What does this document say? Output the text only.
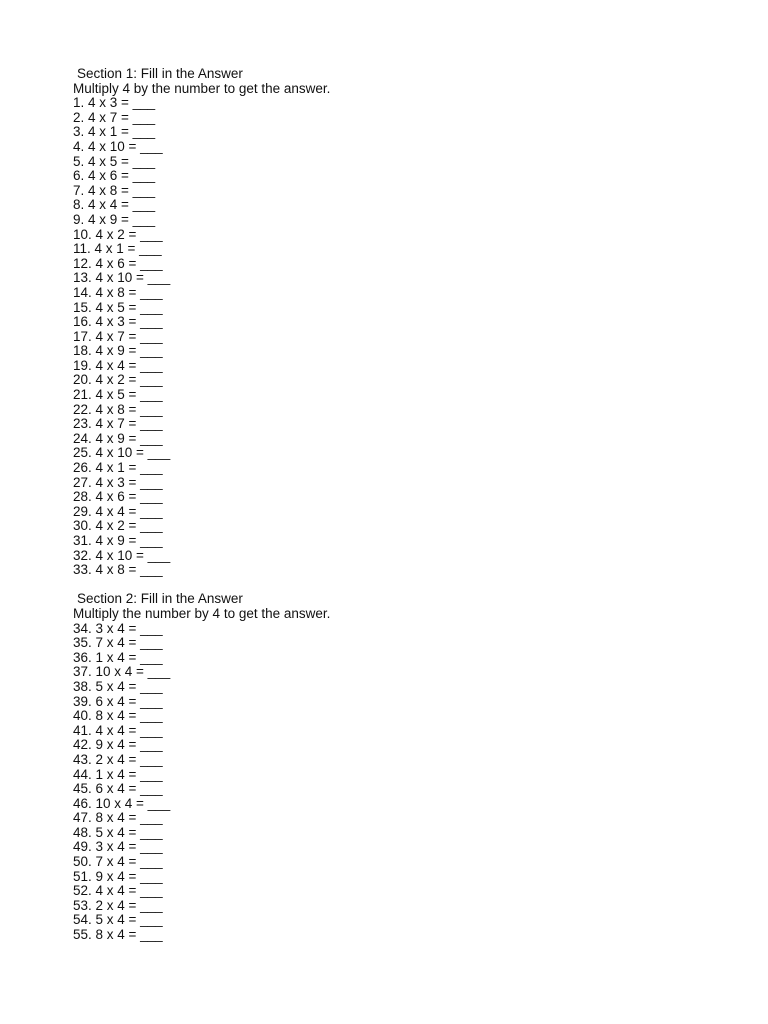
Section 1: Fill in the Answer
Multiply 4 by the number to get the answer.
1. 4 x 3 = ___
2. 4 x 7 = ___
3. 4 x 1 = ___
4. 4 x 10 = ___
5. 4 x 5 = ___
6. 4 x 6 = ___
7. 4 x 8 = ___
8. 4 x 4 = ___
9. 4 x 9 = ___
10. 4 x 2 = ___
11. 4 x 1 = ___
12. 4 x 6 = ___
13. 4 x 10 = ___
14. 4 x 8 = ___
15. 4 x 5 = ___
16. 4 x 3 = ___
17. 4 x 7 = ___
18. 4 x 9 = ___
19. 4 x 4 = ___
20. 4 x 2 = ___
21. 4 x 5 = ___
22. 4 x 8 = ___
23. 4 x 7 = ___
24. 4 x 9 = ___
25. 4 x 10 = ___
26. 4 x 1 = ___
27. 4 x 3 = ___
28. 4 x 6 = ___
29. 4 x 4 = ___
30. 4 x 2 = ___
31. 4 x 9 = ___
32. 4 x 10 = ___
33. 4 x 8 = ___
Section 2: Fill in the Answer
Multiply the number by 4 to get the answer.
34. 3 x 4 = ___
35. 7 x 4 = ___
36. 1 x 4 = ___
37. 10 x 4 = ___
38. 5 x 4 = ___
39. 6 x 4 = ___
40. 8 x 4 = ___
41. 4 x 4 = ___
42. 9 x 4 = ___
43. 2 x 4 = ___
44. 1 x 4 = ___
45. 6 x 4 = ___
46. 10 x 4 = ___
47. 8 x 4 = ___
48. 5 x 4 = ___
49. 3 x 4 = ___
50. 7 x 4 = ___
51. 9 x 4 = ___
52. 4 x 4 = ___
53. 2 x 4 = ___
54. 5 x 4 = ___
55. 8 x 4 = ___
